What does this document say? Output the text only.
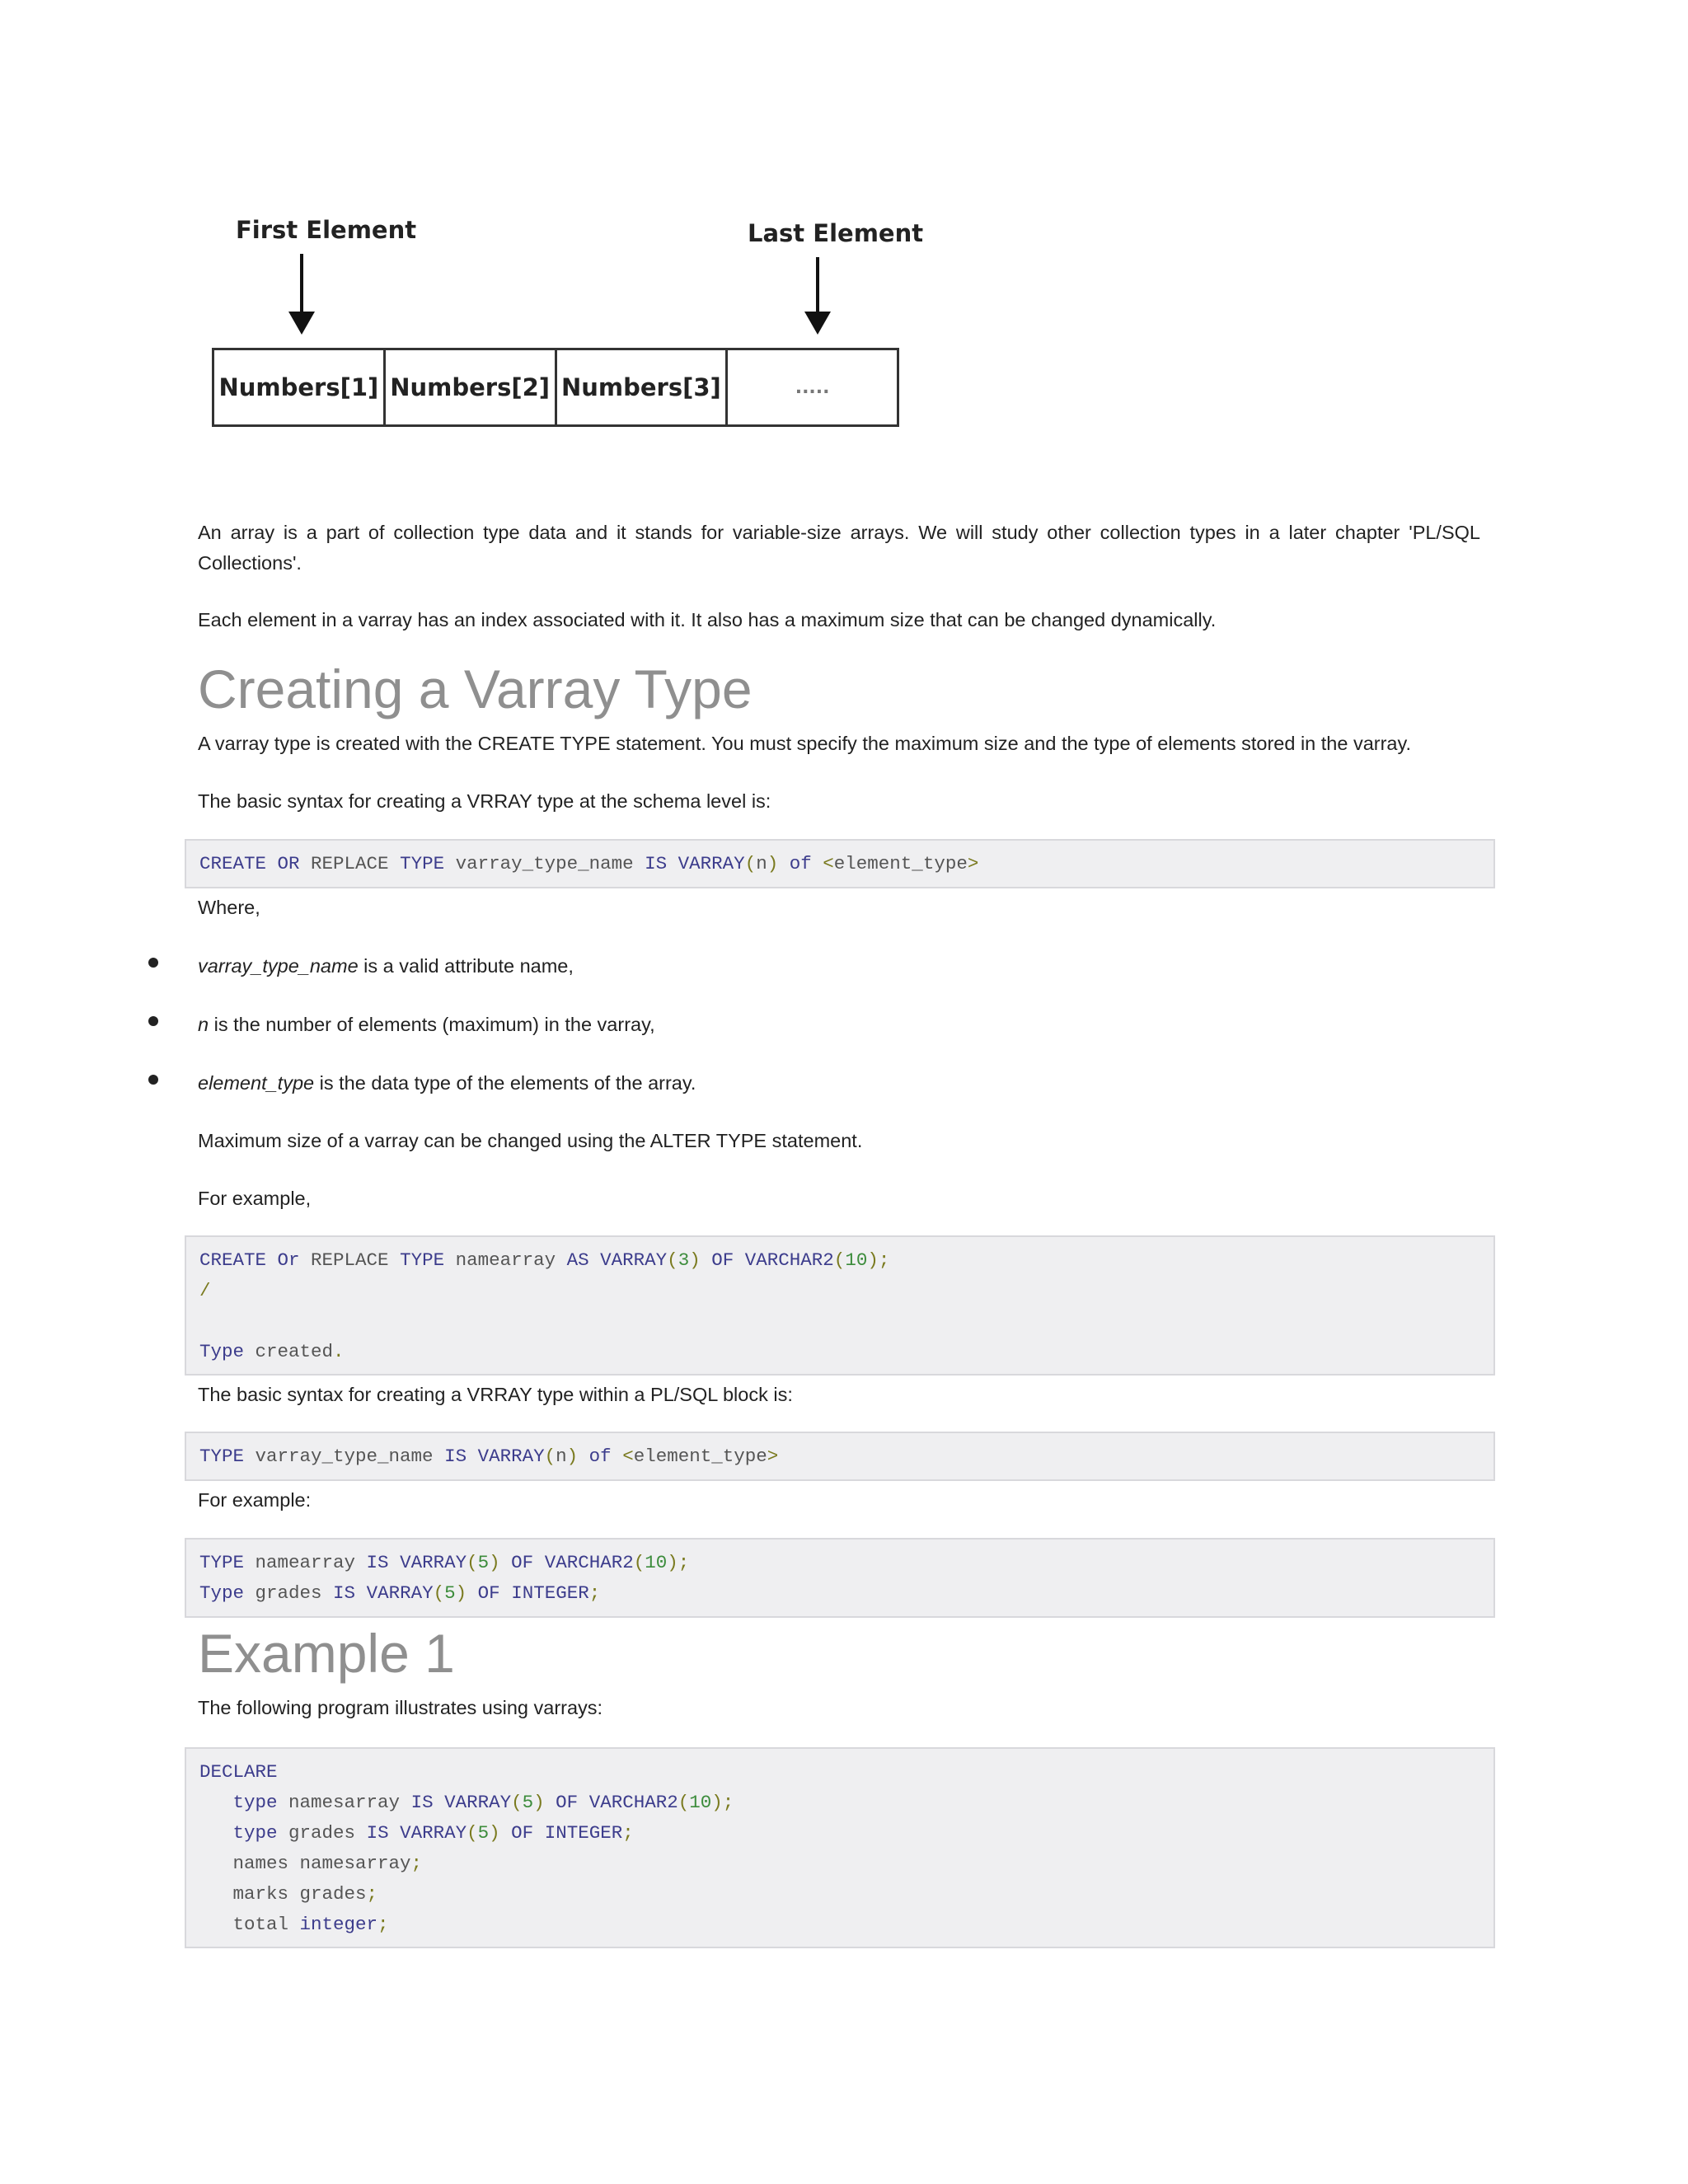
First Element	Last Element
Numbers[1] Numbers[2] Numbers[3]	.....
An array is a part of collection type data and it stands for variable-size arrays. We will study other collection types in a later chapter 'PL/SQL Collections'.
Each element in a varray has an index associated with it. It also has a maximum size that can be changed dynamically.
Creating a Varray Type
A varray type is created with the CREATE TYPE statement. You must specify the maximum size and the type of elements stored in the varray.
The basic syntax for creating a VRRAY type at the schema level is:
CREATE OR REPLACE TYPE varray_type_name IS VARRAY(n) of <element_type>
Where,
varray_type_name is a valid attribute name,
n is the number of elements (maximum) in the varray,
element_type is the data type of the elements of the array.
Maximum size of a varray can be changed using the ALTER TYPE statement.
For example,
CREATE Or REPLACE TYPE namearray AS VARRAY(3) OF VARCHAR2(10);
/

Type created.
The basic syntax for creating a VRRAY type within a PL/SQL block is:
TYPE varray_type_name IS VARRAY(n) of <element_type>
For example:
TYPE namearray IS VARRAY(5) OF VARCHAR2(10);
Type grades IS VARRAY(5) OF INTEGER;
Example 1
The following program illustrates using varrays:
DECLARE
type namesarray IS VARRAY(5) OF VARCHAR2(10);
type grades IS VARRAY(5) OF INTEGER;
names namesarray;
marks grades;
total integer;
